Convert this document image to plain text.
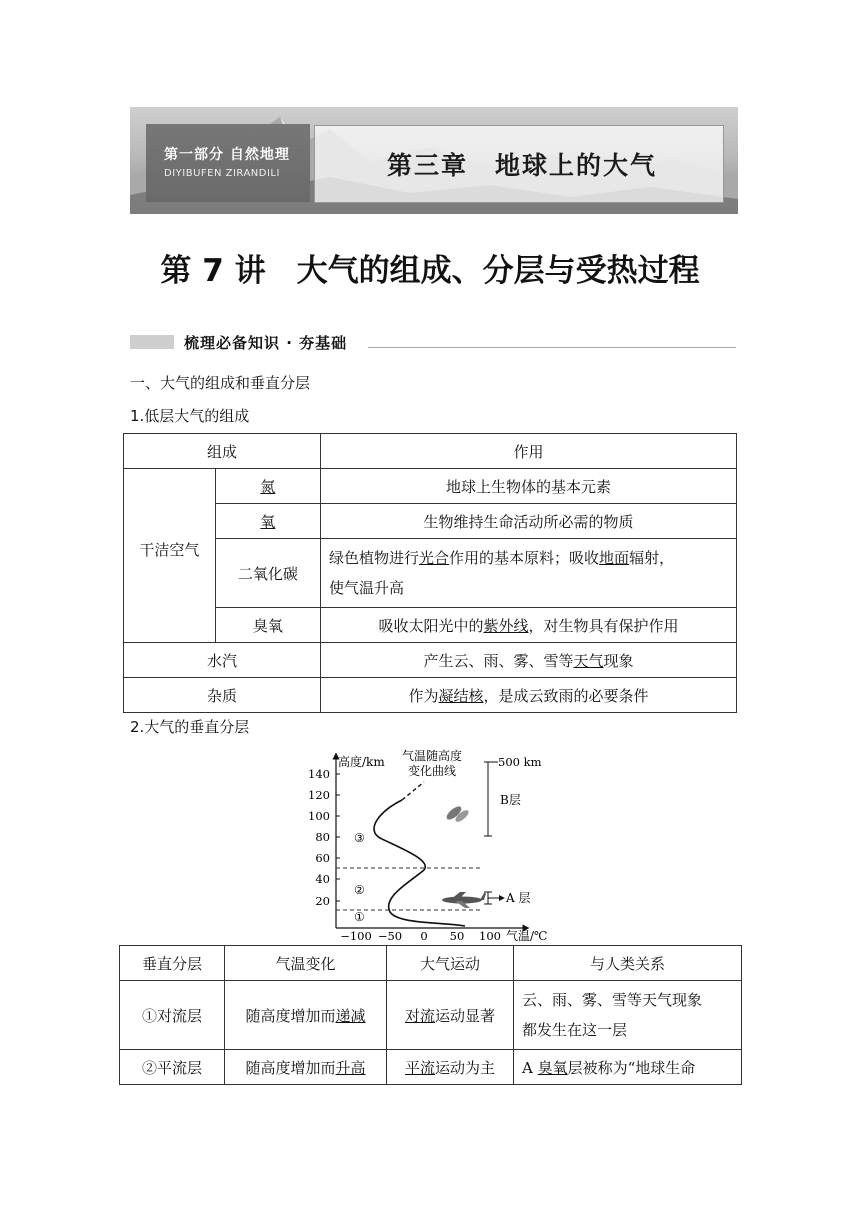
第一部分 自然地理
DIYIBUFEN ZIRANDILI	第三章　地球上的大气
第 7 讲　大气的组成、分层与受热过程
梳理必备知识 · 夯基础
一、大气的组成和垂直分层
1.低层大气的组成
组成		作用
干洁空气	氮	地球上生物体的基本元素
	氧	生物维持生命活动所必需的物质
	二氧化碳	绿色植物进行光合作用的基本原料；吸收地面辐射，
使气温升高
	臭氧	吸收太阳光中的紫外线，对生物具有保护作用
水汽		产生云、雨、雾、雪等天气现象
杂质		作为凝结核，是成云致雨的必要条件
2.大气的垂直分层
高度/km
气温/℃
140
120
100
80
60
40
20
−100 −50 0 50 100
气温随高度
变化曲线
③
②
①
500 km
B层
A 层
垂直分层	气温变化	大气运动	与人类关系
①对流层	随高度增加而递减	对流运动显著	云、雨、雾、雪等天气现象
都发生在这一层
②平流层	随高度增加而升高	平流运动为主	A 臭氧层被称为“地球生命
